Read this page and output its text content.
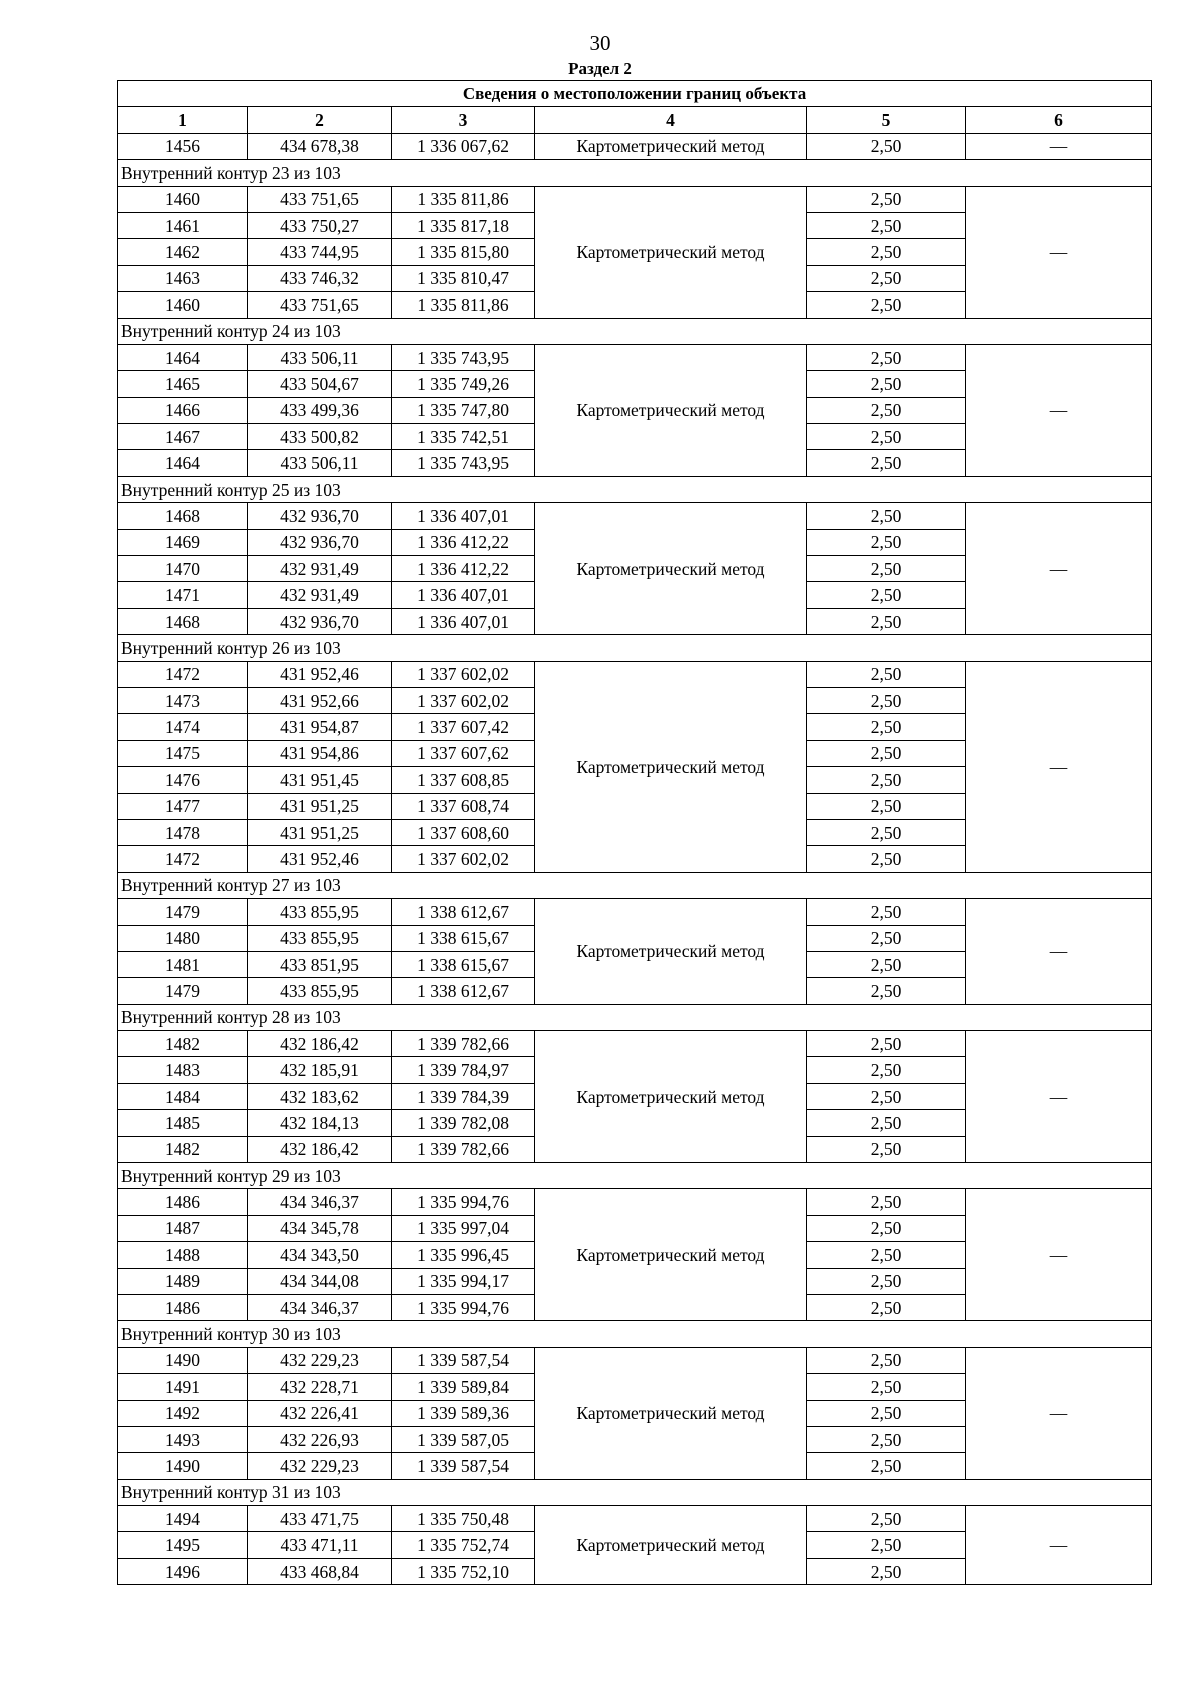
30
Раздел 2
Сведения о местоположении границ объекта					
1	2	3	4	5	6
1456	434 678,38	1 336 067,62	Картометрический метод	2,50	—
Внутренний контур 23 из 103					
1460	433 751,65	1 335 811,86	Картометрический метод	2,50	—
1461	433 750,27	1 335 817,18		2,50	
1462	433 744,95	1 335 815,80		2,50	
1463	433 746,32	1 335 810,47		2,50	
1460	433 751,65	1 335 811,86		2,50	
Внутренний контур 24 из 103					
1464	433 506,11	1 335 743,95	Картометрический метод	2,50	—
1465	433 504,67	1 335 749,26		2,50	
1466	433 499,36	1 335 747,80		2,50	
1467	433 500,82	1 335 742,51		2,50	
1464	433 506,11	1 335 743,95		2,50	
Внутренний контур 25 из 103					
1468	432 936,70	1 336 407,01	Картометрический метод	2,50	—
1469	432 936,70	1 336 412,22		2,50	
1470	432 931,49	1 336 412,22		2,50	
1471	432 931,49	1 336 407,01		2,50	
1468	432 936,70	1 336 407,01		2,50	
Внутренний контур 26 из 103					
1472	431 952,46	1 337 602,02	Картометрический метод	2,50	—
1473	431 952,66	1 337 602,02		2,50	
1474	431 954,87	1 337 607,42		2,50	
1475	431 954,86	1 337 607,62		2,50	
1476	431 951,45	1 337 608,85		2,50	
1477	431 951,25	1 337 608,74		2,50	
1478	431 951,25	1 337 608,60		2,50	
1472	431 952,46	1 337 602,02		2,50	
Внутренний контур 27 из 103					
1479	433 855,95	1 338 612,67	Картометрический метод	2,50	—
1480	433 855,95	1 338 615,67		2,50	
1481	433 851,95	1 338 615,67		2,50	
1479	433 855,95	1 338 612,67		2,50	
Внутренний контур 28 из 103					
1482	432 186,42	1 339 782,66	Картометрический метод	2,50	—
1483	432 185,91	1 339 784,97		2,50	
1484	432 183,62	1 339 784,39		2,50	
1485	432 184,13	1 339 782,08		2,50	
1482	432 186,42	1 339 782,66		2,50	
Внутренний контур 29 из 103					
1486	434 346,37	1 335 994,76	Картометрический метод	2,50	—
1487	434 345,78	1 335 997,04		2,50	
1488	434 343,50	1 335 996,45		2,50	
1489	434 344,08	1 335 994,17		2,50	
1486	434 346,37	1 335 994,76		2,50	
Внутренний контур 30 из 103					
1490	432 229,23	1 339 587,54	Картометрический метод	2,50	—
1491	432 228,71	1 339 589,84		2,50	
1492	432 226,41	1 339 589,36		2,50	
1493	432 226,93	1 339 587,05		2,50	
1490	432 229,23	1 339 587,54		2,50	
Внутренний контур 31 из 103					
1494	433 471,75	1 335 750,48	Картометрический метод	2,50	—
1495	433 471,11	1 335 752,74		2,50	
1496	433 468,84	1 335 752,10		2,50	
